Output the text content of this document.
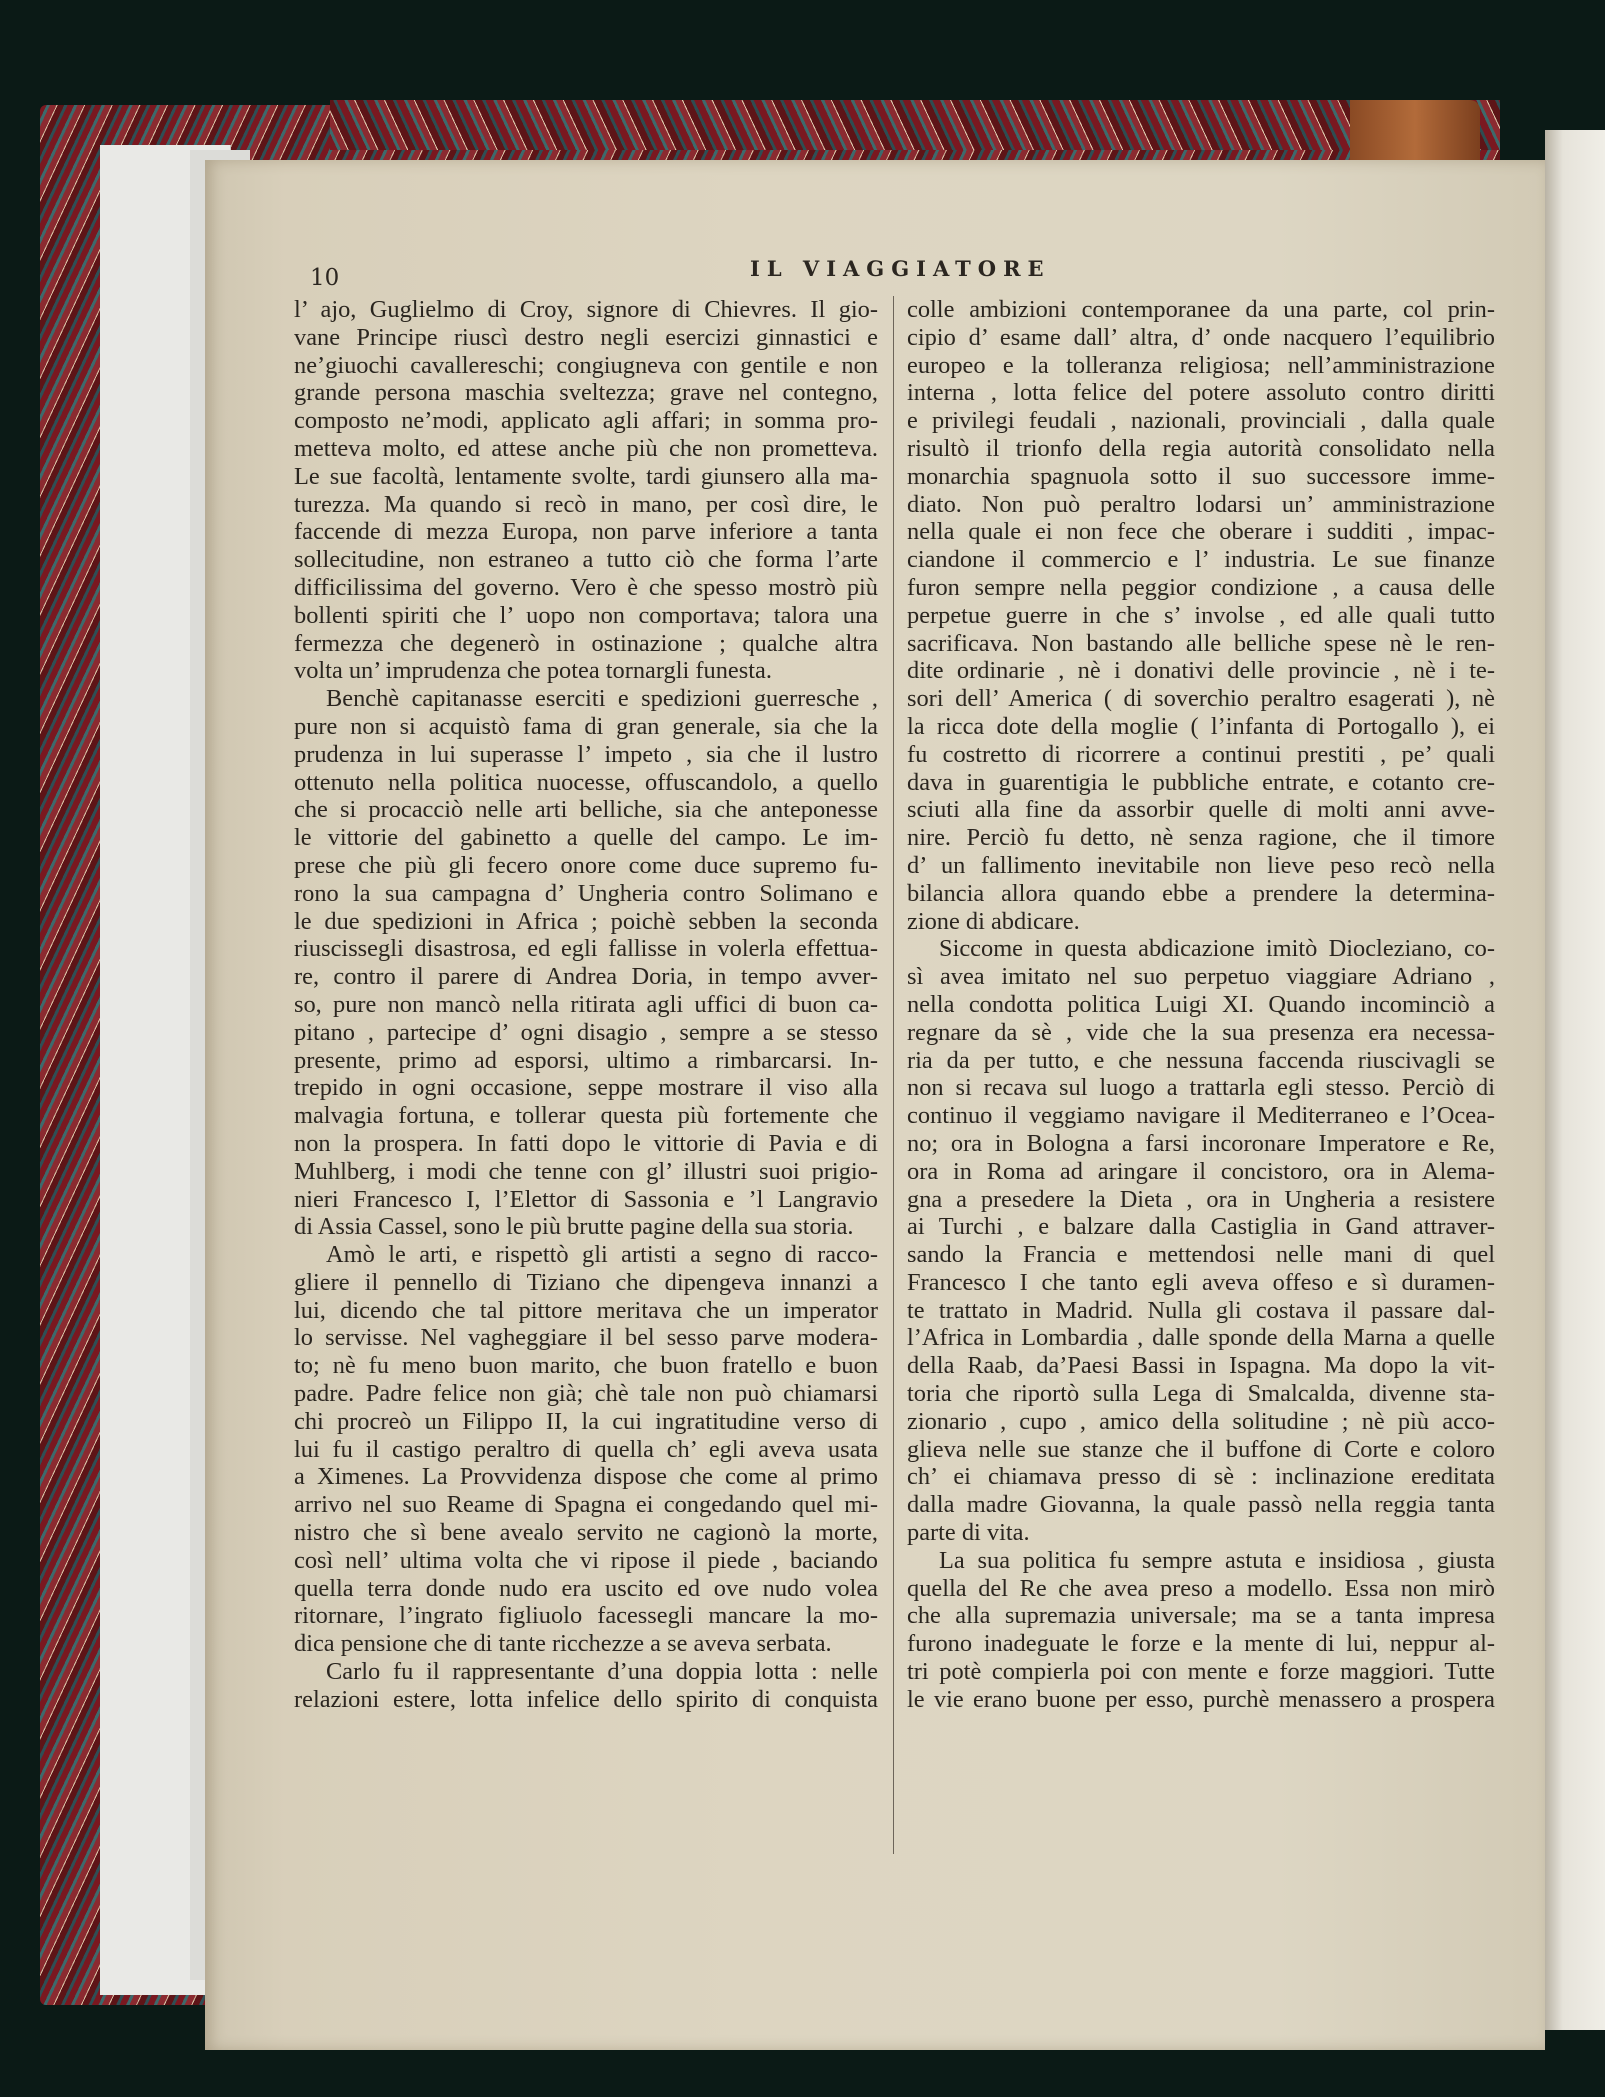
10	IL VIAGGIATORE
l’ ajo, Guglielmo di Croy, signore di Chievres. Il gio-
vane Principe riuscì destro negli esercizi ginnastici e
ne’giuochi cavallereschi; congiugneva con gentile e non
grande persona maschia sveltezza; grave nel contegno,
composto ne’modi, applicato agli affari; in somma pro-
metteva molto, ed attese anche più che non prometteva.
Le sue facoltà, lentamente svolte, tardi giunsero alla ma-
turezza. Ma quando si recò in mano, per così dire, le
faccende di mezza Europa, non parve inferiore a tanta
sollecitudine, non estraneo a tutto ciò che forma l’arte
difficilissima del governo. Vero è che spesso mostrò più
bollenti spiriti che l’ uopo non comportava; talora una
fermezza che degenerò in ostinazione ; qualche altra
volta un’ imprudenza che potea tornargli funesta.
Benchè capitanasse eserciti e spedizioni guerresche ,
pure non si acquistò fama di gran generale, sia che la
prudenza in lui superasse l’ impeto , sia che il lustro
ottenuto nella politica nuocesse, offuscandolo, a quello
che si procacciò nelle arti belliche, sia che anteponesse
le vittorie del gabinetto a quelle del campo. Le im-
prese che più gli fecero onore come duce supremo fu-
rono la sua campagna d’ Ungheria contro Solimano e
le due spedizioni in Africa ; poichè sebben la seconda
riuscissegli disastrosa, ed egli fallisse in volerla effettua-
re, contro il parere di Andrea Doria, in tempo avver-
so, pure non mancò nella ritirata agli uffici di buon ca-
pitano , partecipe d’ ogni disagio , sempre a se stesso
presente, primo ad esporsi, ultimo a rimbarcarsi. In-
trepido in ogni occasione, seppe mostrare il viso alla
malvagia fortuna, e tollerar questa più fortemente che
non la prospera. In fatti dopo le vittorie di Pavia e di
Muhlberg, i modi che tenne con gl’ illustri suoi prigio-
nieri Francesco I, l’Elettor di Sassonia e ’l Langravio
di Assia Cassel, sono le più brutte pagine della sua storia.
Amò le arti, e rispettò gli artisti a segno di racco-
gliere il pennello di Tiziano che dipengeva innanzi a
lui, dicendo che tal pittore meritava che un imperator
lo servisse. Nel vagheggiare il bel sesso parve modera-
to; nè fu meno buon marito, che buon fratello e buon
padre. Padre felice non già; chè tale non può chiamarsi
chi procreò un Filippo II, la cui ingratitudine verso di
lui fu il castigo peraltro di quella ch’ egli aveva usata
a Ximenes. La Provvidenza dispose che come al primo
arrivo nel suo Reame di Spagna ei congedando quel mi-
nistro che sì bene avealo servito ne cagionò la morte,
così nell’ ultima volta che vi ripose il piede , baciando
quella terra donde nudo era uscito ed ove nudo volea
ritornare, l’ingrato figliuolo facessegli mancare la mo-
dica pensione che di tante ricchezze a se aveva serbata.
Carlo fu il rappresentante d’una doppia lotta : nelle
relazioni estere, lotta infelice dello spirito di conquista
colle ambizioni contemporanee da una parte, col prin-
cipio d’ esame dall’ altra, d’ onde nacquero l’equilibrio
europeo e la tolleranza religiosa; nell’amministrazione
interna , lotta felice del potere assoluto contro diritti
e privilegi feudali , nazionali, provinciali , dalla quale
risultò il trionfo della regia autorità consolidato nella
monarchia spagnuola sotto il suo successore imme-
diato. Non può peraltro lodarsi un’ amministrazione
nella quale ei non fece che oberare i sudditi , impac-
ciandone il commercio e l’ industria. Le sue finanze
furon sempre nella peggior condizione , a causa delle
perpetue guerre in che s’ involse , ed alle quali tutto
sacrificava. Non bastando alle belliche spese nè le ren-
dite ordinarie , nè i donativi delle provincie , nè i te-
sori dell’ America ( di soverchio peraltro esagerati ), nè
la ricca dote della moglie ( l’infanta di Portogallo ), ei
fu costretto di ricorrere a continui prestiti , pe’ quali
dava in guarentigia le pubbliche entrate, e cotanto cre-
sciuti alla fine da assorbir quelle di molti anni avve-
nire. Perciò fu detto, nè senza ragione, che il timore
d’ un fallimento inevitabile non lieve peso recò nella
bilancia allora quando ebbe a prendere la determina-
zione di abdicare.
Siccome in questa abdicazione imitò Diocleziano, co-
sì avea imitato nel suo perpetuo viaggiare Adriano ,
nella condotta politica Luigi XI. Quando incominciò a
regnare da sè , vide che la sua presenza era necessa-
ria da per tutto, e che nessuna faccenda riuscivagli se
non si recava sul luogo a trattarla egli stesso. Perciò di
continuo il veggiamo navigare il Mediterraneo e l’Ocea-
no; ora in Bologna a farsi incoronare Imperatore e Re,
ora in Roma ad aringare il concistoro, ora in Alema-
gna a presedere la Dieta , ora in Ungheria a resistere
ai Turchi , e balzare dalla Castiglia in Gand attraver-
sando la Francia e mettendosi nelle mani di quel
Francesco I che tanto egli aveva offeso e sì duramen-
te trattato in Madrid. Nulla gli costava il passare dal-
l’Africa in Lombardia , dalle sponde della Marna a quelle
della Raab, da’Paesi Bassi in Ispagna. Ma dopo la vit-
toria che riportò sulla Lega di Smalcalda, divenne sta-
zionario , cupo , amico della solitudine ; nè più acco-
glieva nelle sue stanze che il buffone di Corte e coloro
ch’ ei chiamava presso di sè : inclinazione ereditata
dalla madre Giovanna, la quale passò nella reggia tanta
parte di vita.
La sua politica fu sempre astuta e insidiosa , giusta
quella del Re che avea preso a modello. Essa non mirò
che alla supremazia universale; ma se a tanta impresa
furono inadeguate le forze e la mente di lui, neppur al-
tri potè compierla poi con mente e forze maggiori. Tutte
le vie erano buone per esso, purchè menassero a prospera
